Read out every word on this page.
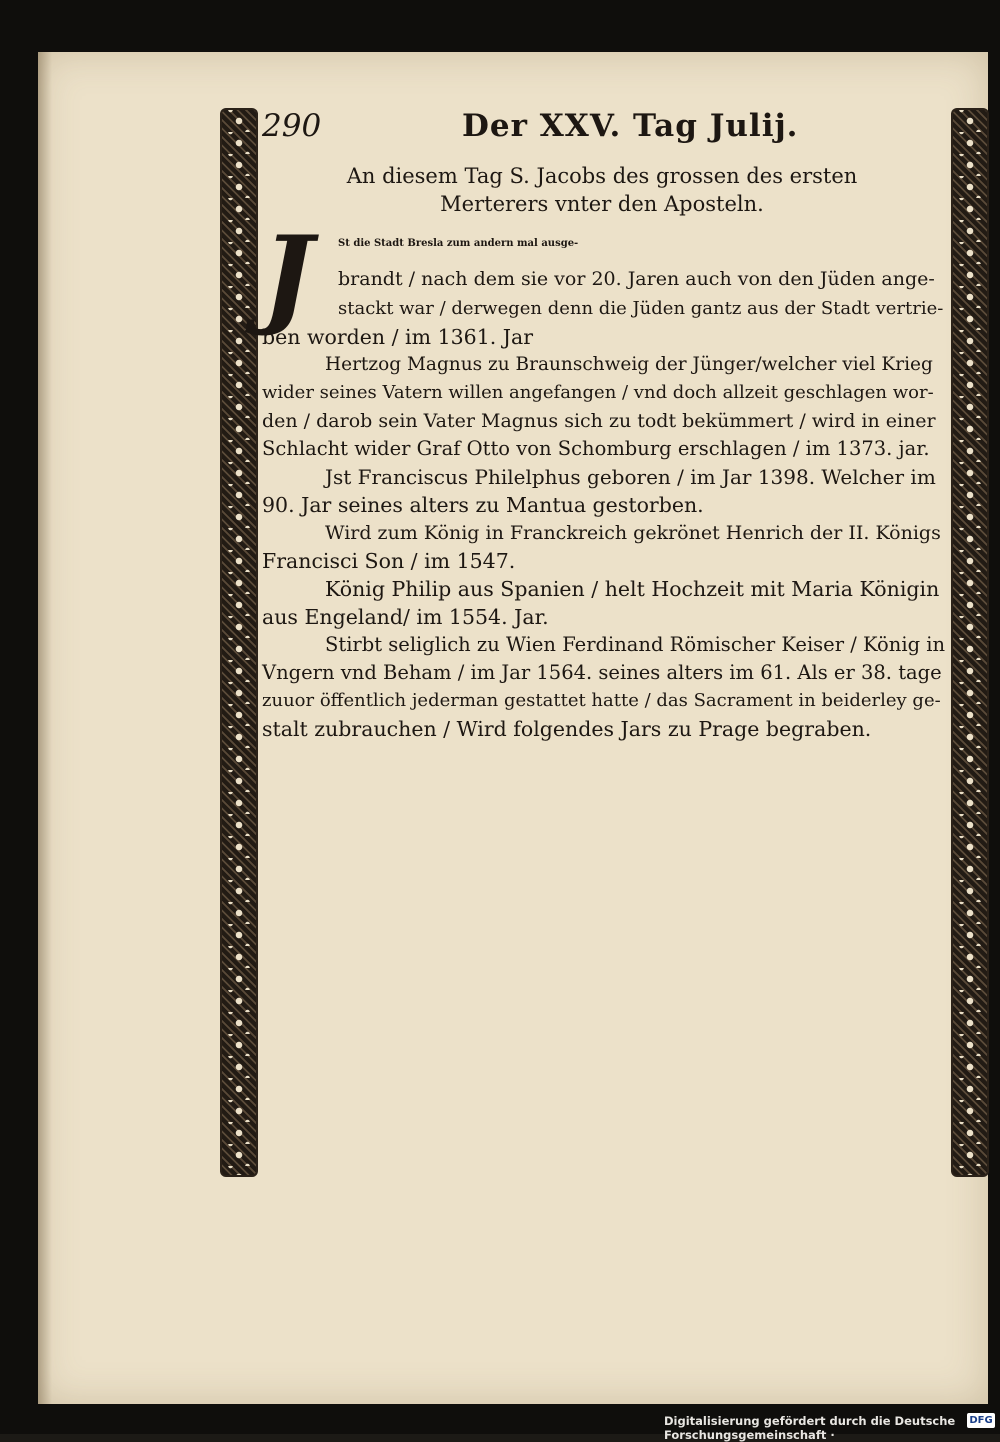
290	Der XXV. Tag Julij.
An diesem Tag S. Jacobs des grossen des ersten
Merterers vnter den Aposteln.
J St die Stadt Bresla zum andern mal ausge-
brandt / nach dem sie vor 20. Jaren auch von den Jüden ange-
stackt war / derwegen denn die Jüden gantz aus der Stadt vertrie-
ben worden / im 1361. Jar
Hertzog Magnus zu Braunschweig der Jünger/welcher viel Krieg
wider seines Vatern willen angefangen / vnd doch allzeit geschlagen wor-
den / darob sein Vater Magnus sich zu todt bekümmert / wird in einer
Schlacht wider Graf Otto von Schomburg erschlagen / im 1373. jar.
Jst Franciscus Philelphus geboren / im Jar 1398. Welcher im
90. Jar seines alters zu Mantua gestorben.
Wird zum König in Franckreich gekrönet Henrich der II. Königs
Francisci Son / im 1547.
König Philip aus Spanien / helt Hochzeit mit Maria Königin
aus Engeland/ im 1554. Jar.
Stirbt seliglich zu Wien Ferdinand Römischer Keiser / König in
Vngern vnd Beham / im Jar 1564. seines alters im 61. Als er 38. tage
zuuor öffentlich jederman gestattet hatte / das Sacrament in beiderley ge-
stalt zubrauchen / Wird folgendes Jars zu Prage begraben.
Digitalisierung gefördert durch die Deutsche Forschungsgemeinschaft ·
DFG
